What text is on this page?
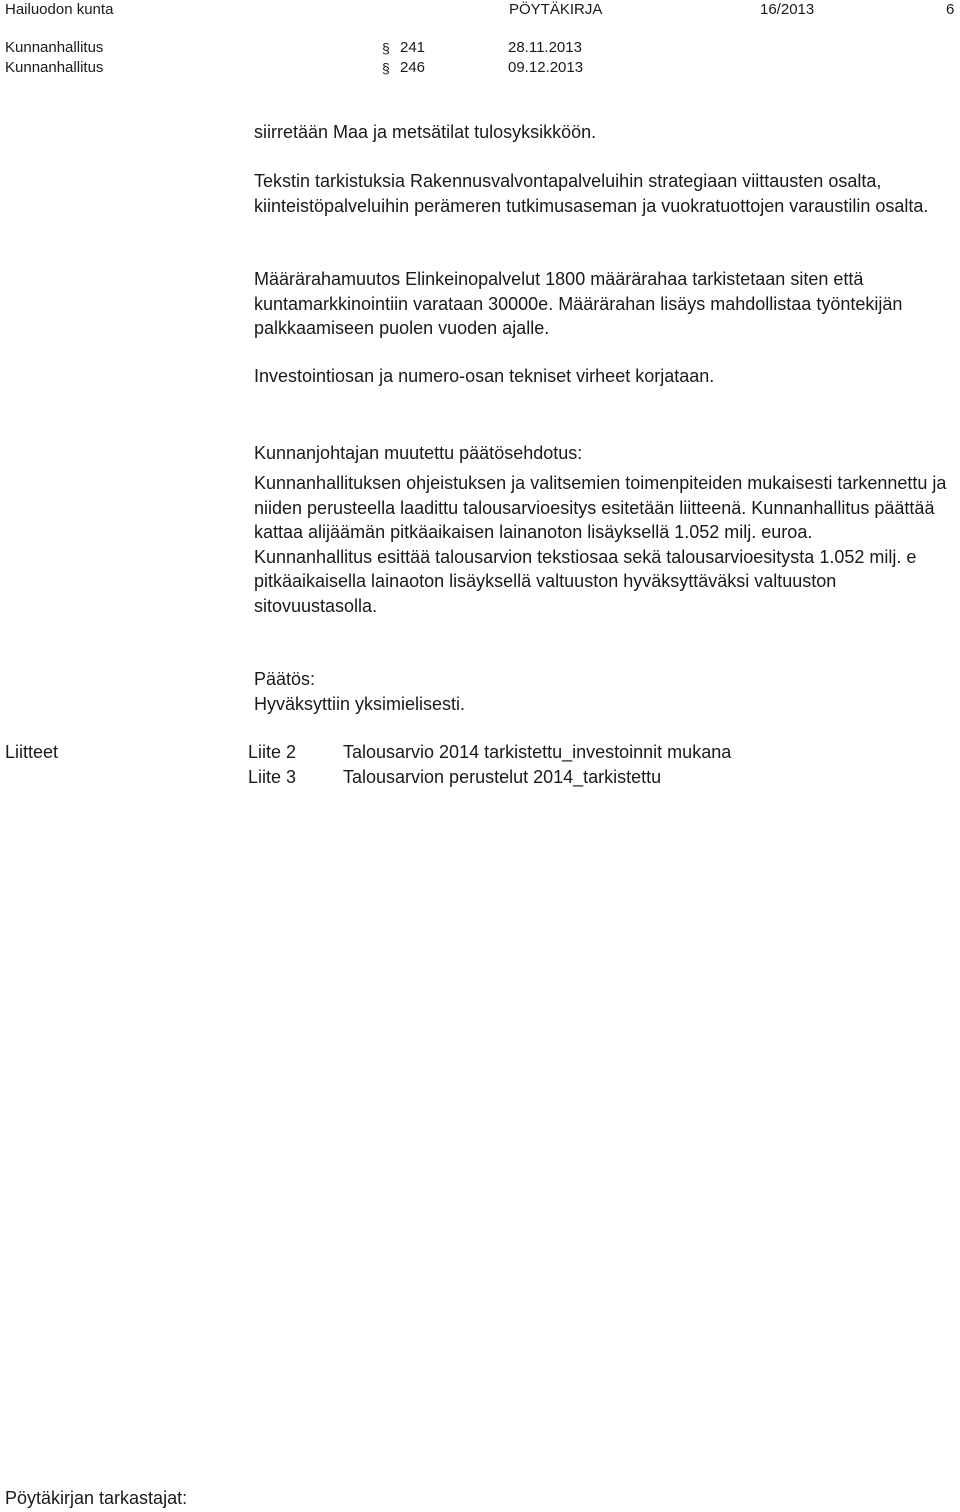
Hailuodon kunta	PÖYTÄKIRJA	16/2013	6
Kunnanhallitus	§ 241	28.11.2013
Kunnanhallitus	§ 246	09.12.2013

siirretään Maa ja metsätilat tulosyksikköön.

Tekstin tarkistuksia Rakennusvalvontapalveluihin strategiaan viittausten osalta, kiinteistöpalveluihin perämeren tutkimusaseman ja vuokratuottojen varaustilin osalta.

Määrärahamuutos Elinkeinopalvelut 1800 määrärahaa tarkistetaan siten että kuntamarkkinointiin varataan 30000e. Määrärahan lisäys mahdollistaa työntekijän palkkaamiseen puolen vuoden ajalle.

Investointiosan ja numero-osan tekniset virheet korjataan.

Kunnanjohtajan muutettu päätösehdotus:

Kunnanhallituksen ohjeistuksen ja valitsemien toimenpiteiden mukaisesti tarkennettu ja niiden perusteella laadittu talousarvioesitys esitetään liitteenä. Kunnanhallitus päättää kattaa alijäämän pitkäaikaisen lainanoton lisäyksellä 1.052 milj. euroa.

Kunnanhallitus esittää talousarvion tekstiosaa sekä talousarvioesitysta 1.052 milj. e pitkäaikaisella lainaoton lisäyksellä valtuuston hyväksyttäväksi valtuuston sitovuustasolla.

Päätös:

Hyväksyttiin yksimielisesti.

Liitteet	Liite 2	Talousarvio 2014 tarkistettu_investoinnit mukana
Liite 3	Talousarvion perustelut 2014_tarkistettu
Pöytäkirjan tarkastajat:
